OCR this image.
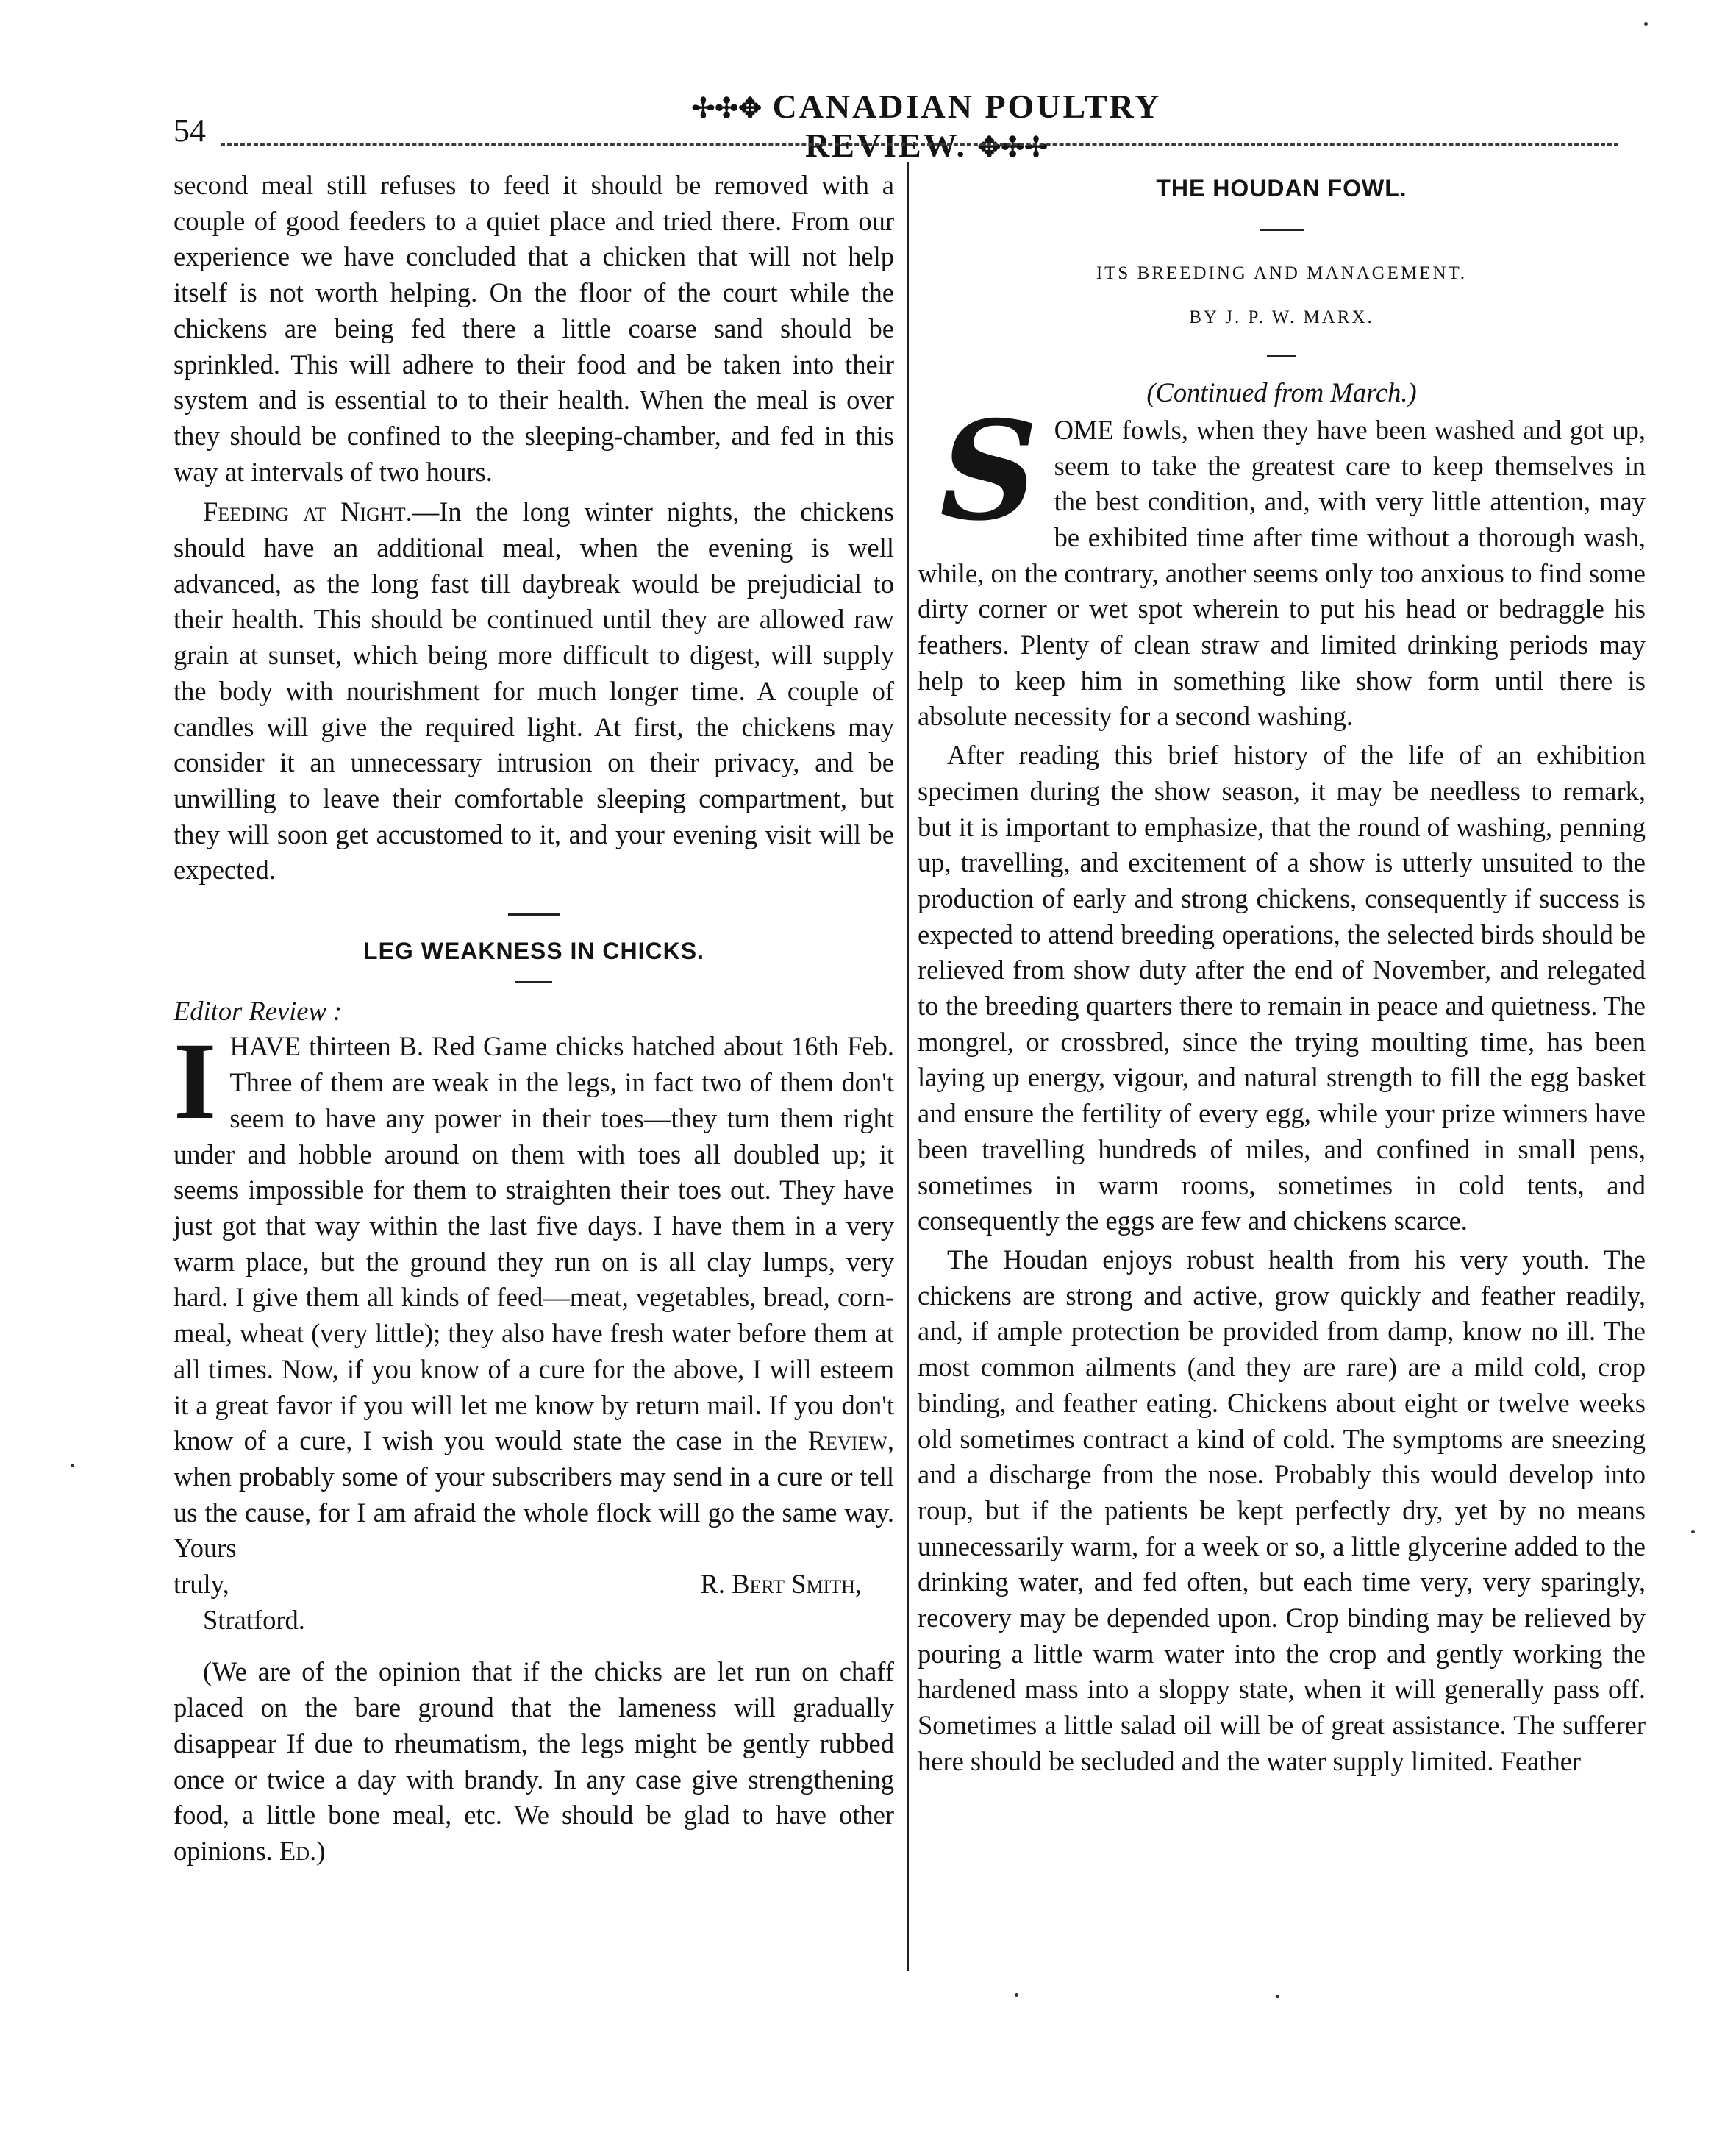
54
✢✣✥ CANADIAN POULTRY REVIEW. ✥✣✢

second meal still refuses to feed it should be removed with a couple of good feeders to a quiet place and tried there. From our experience we have concluded that a chicken that will not help itself is not worth helping. On the floor of the court while the chickens are being fed there a little coarse sand should be sprinkled. This will adhere to their food and be taken into their system and is essential to to their health. When the meal is over they should be confined to the sleeping-chamber, and fed in this way at intervals of two hours.

Feeding at Night.—In the long winter nights, the chickens should have an additional meal, when the evening is well advanced, as the long fast till daybreak would be prejudicial to their health. This should be continued until they are allowed raw grain at sunset, which being more difficult to digest, will supply the body with nourishment for much longer time. A couple of candles will give the required light. At first, the chickens may consider it an unnecessary intrusion on their privacy, and be unwilling to leave their comfortable sleeping compartment, but they will soon get accustomed to it, and your evening visit will be expected.

LEG WEAKNESS IN CHICKS.

Editor Review :

IHAVE thirteen B. Red Game chicks hatched about 16th Feb. Three of them are weak in the legs, in fact two of them don't seem to have any power in their toes—they turn them right under and hobble around on them with toes all doubled up; it seems impossible for them to straighten their toes out. They have just got that way within the last five days. I have them in a very warm place, but the ground they run on is all clay lumps, very hard. I give them all kinds of feed—meat, vegetables, bread, corn-meal, wheat (very little); they also have fresh water before them at all times. Now, if you know of a cure for the above, I will esteem it a great favor if you will let me know by return mail. If you don't know of a cure, I wish you would state the case in the Review, when probably some of your subscribers may send in a cure or tell us the cause, for I am afraid the whole flock will go the same way. Yours

truly,	R. Bert Smith,

Stratford.

(We are of the opinion that if the chicks are let run on chaff placed on the bare ground that the lameness will gradually disappear If due to rheumatism, the legs might be gently rubbed once or twice a day with brandy. In any case give strengthening food, a little bone meal, etc. We should be glad to have other opinions. Ed.)

THE HOUDAN FOWL.
ITS BREEDING AND MANAGEMENT.
BY J. P. W. MARX.

(Continued from March.)

SOME fowls, when they have been washed and got up, seem to take the greatest care to keep themselves in the best condition, and, with very little attention, may be exhibited time after time without a thorough wash, while, on the contrary, another seems only too anxious to find some dirty corner or wet spot wherein to put his head or bedraggle his feathers. Plenty of clean straw and limited drinking periods may help to keep him in something like show form until there is absolute necessity for a second washing.

After reading this brief history of the life of an exhibition specimen during the show season, it may be needless to remark, but it is important to emphasize, that the round of washing, penning up, travelling, and excitement of a show is utterly unsuited to the production of early and strong chickens, consequently if success is expected to attend breeding operations, the selected birds should be relieved from show duty after the end of November, and relegated to the breeding quarters there to remain in peace and quietness. The mongrel, or crossbred, since the trying moulting time, has been laying up energy, vigour, and natural strength to fill the egg basket and ensure the fertility of every egg, while your prize winners have been travelling hundreds of miles, and confined in small pens, sometimes in warm rooms, sometimes in cold tents, and consequently the eggs are few and chickens scarce.

The Houdan enjoys robust health from his very youth. The chickens are strong and active, grow quickly and feather readily, and, if ample protection be provided from damp, know no ill. The most common ailments (and they are rare) are a mild cold, crop binding, and feather eating. Chickens about eight or twelve weeks old sometimes contract a kind of cold. The symptoms are sneezing and a discharge from the nose. Probably this would develop into roup, but if the patients be kept perfectly dry, yet by no means unnecessarily warm, for a week or so, a little glycerine added to the drinking water, and fed often, but each time very, very sparingly, recovery may be depended upon. Crop binding may be relieved by pouring a little warm water into the crop and gently working the hardened mass into a sloppy state, when it will generally pass off. Sometimes a little salad oil will be of great assistance. The sufferer here should be secluded and the water supply limited. Feather
